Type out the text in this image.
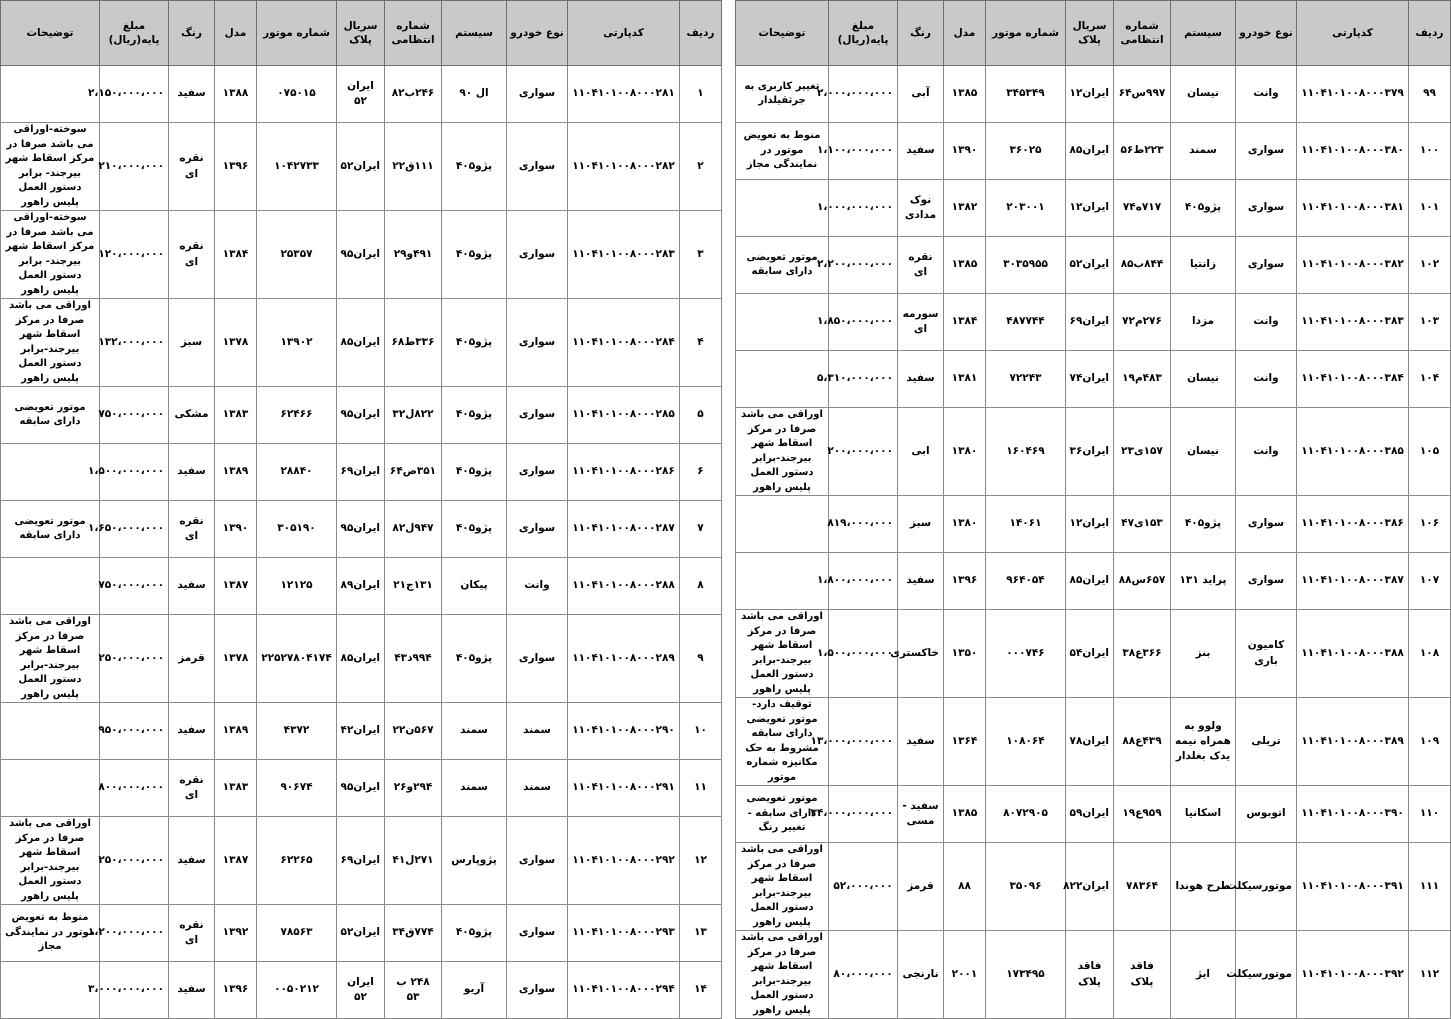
ردیف	کدپارتی	نوع خودرو	سیستم	شماره انتظامی	سریال پلاک	شماره موتور	مدل	رنگ	مبلغ پایه(ریال)	توضیحات
۱	۱۱۰۴۱۰۱۰۰۸۰۰۰۲۸۱	سواری	ال ۹۰	۲۴۶ب۸۲	ایران ۵۲	۰۷۵۰۱۵	۱۳۸۸	سفید	۲،۱۵۰،۰۰۰،۰۰۰	
۲	۱۱۰۴۱۰۱۰۰۸۰۰۰۲۸۲	سواری	پژو۴۰۵	۱۱۱ق۲۲	ایران۵۲	۱۰۴۲۷۳۳	۱۳۹۶	نقره ای	۲۱۰،۰۰۰،۰۰۰	سوخته-اوراقی می باشد صرفا در مرکز اسقاط شهر بیرجند- برابر دستور العمل پلیس راهور
۳	۱۱۰۴۱۰۱۰۰۸۰۰۰۲۸۳	سواری	پژو۴۰۵	۴۹۱و۲۹	ایران۹۵	۲۵۳۵۷	۱۳۸۴	نقره ای	۱۲۰،۰۰۰،۰۰۰	سوخته-اوراقی می باشد صرفا در مرکز اسقاط شهر بیرجند- برابر دستور العمل پلیس راهور
۴	۱۱۰۴۱۰۱۰۰۸۰۰۰۲۸۴	سواری	پژو۴۰۵	۳۳۶ط۶۸	ایران۸۵	۱۳۹۰۲	۱۳۷۸	سبز	۱۳۲،۰۰۰،۰۰۰	اوراقی می باشد صرفا در مرکز اسقاط شهر بیرجند-برابر دستور العمل پلیس راهور
۵	۱۱۰۴۱۰۱۰۰۸۰۰۰۲۸۵	سواری	پژو۴۰۵	۸۲۲ل۳۲	ایران۹۵	۶۲۴۶۶	۱۳۸۳	مشکی	۷۵۰،۰۰۰،۰۰۰	موتور تعویضی دارای سابقه
۶	۱۱۰۴۱۰۱۰۰۸۰۰۰۲۸۶	سواری	پژو۴۰۵	۳۵۱ص۶۴	ایران۶۹	۲۸۸۴۰	۱۳۸۹	سفید	۱،۵۰۰،۰۰۰،۰۰۰	
۷	۱۱۰۴۱۰۱۰۰۸۰۰۰۲۸۷	سواری	پژو۴۰۵	۹۴۷ل۸۲	ایران۹۵	۳۰۵۱۹۰	۱۳۹۰	نقره ای	۱،۶۵۰،۰۰۰،۰۰۰	موتور تعویضی دارای سابقه
۸	۱۱۰۴۱۰۱۰۰۸۰۰۰۲۸۸	وانت	پیکان	۱۳۱ج۲۱	ایران۸۹	۱۲۱۲۵	۱۳۸۷	سفید	۷۵۰،۰۰۰،۰۰۰	
۹	۱۱۰۴۱۰۱۰۰۸۰۰۰۲۸۹	سواری	پژو۴۰۵	۹۹۴د۴۳	ایران۸۵	۲۲۵۲۷۸۰۴۱۷۴	۱۳۷۸	قرمز	۲۵۰،۰۰۰،۰۰۰	اوراقی می باشد صرفا در مرکز اسقاط شهر بیرجند-برابر دستور العمل پلیس راهور
۱۰	۱۱۰۴۱۰۱۰۰۸۰۰۰۲۹۰	سمند	سمند	۵۶۷ن۲۲	ایران۴۲	۴۳۷۲	۱۳۸۹	سفید	۹۵۰،۰۰۰،۰۰۰	
۱۱	۱۱۰۴۱۰۱۰۰۸۰۰۰۲۹۱	سمند	سمند	۲۹۴و۲۶	ایران۹۵	۹۰۶۷۴	۱۳۸۳	نقره ای	۸۰۰،۰۰۰،۰۰۰	
۱۲	۱۱۰۴۱۰۱۰۰۸۰۰۰۲۹۲	سواری	پژوپارس	۲۷۱ل۴۱	ایران۶۹	۶۲۲۶۵	۱۳۸۷	سفید	۲۵۰،۰۰۰،۰۰۰	اوراقی می باشد صرفا در مرکز اسقاط شهر بیرجند-برابر دستور العمل پلیس راهور
۱۳	۱۱۰۴۱۰۱۰۰۸۰۰۰۲۹۳	سواری	پژو۴۰۵	۷۷۴ق۳۴	ایران۵۲	۷۸۵۶۳	۱۳۹۲	نقره ای	۱،۲۰۰،۰۰۰،۰۰۰	منوط به تعویض موتور در نمایندگی مجاز
۱۴	۱۱۰۴۱۰۱۰۰۸۰۰۰۲۹۴	سواری	آریو	۲۴۸ ب ۵۳	ایران ۵۲	۰۰۵۰۲۱۲	۱۳۹۶	سفید	۳،۰۰۰،۰۰۰،۰۰۰	
ردیف	کدپارتی	نوع خودرو	سیستم	شماره انتظامی	سریال پلاک	شماره موتور	مدل	رنگ	مبلغ پایه(ریال)	توضیحات
۹۹	۱۱۰۴۱۰۱۰۰۸۰۰۰۳۷۹	وانت	نیسان	۹۹۷س۶۴	ایران۱۲	۳۴۵۳۴۹	۱۳۸۵	آبی	۲،۰۰۰،۰۰۰،۰۰۰	تغییر کاربری به جرثقیلدار
۱۰۰	۱۱۰۴۱۰۱۰۰۸۰۰۰۳۸۰	سواری	سمند	۲۲۳ط۵۶	ایران۸۵	۳۶۰۲۵	۱۳۹۰	سفید	۱،۱۰۰،۰۰۰،۰۰۰	منوط به تعویض موتور در نمایندگی مجاز
۱۰۱	۱۱۰۴۱۰۱۰۰۸۰۰۰۳۸۱	سواری	پژو۴۰۵	۷۱۷ه۷۴	ایران۱۲	۲۰۳۰۰۱	۱۳۸۲	نوک مدادی	۱،۰۰۰،۰۰۰،۰۰۰	
۱۰۲	۱۱۰۴۱۰۱۰۰۸۰۰۰۳۸۲	سواری	زانتیا	۸۴۴ب۸۵	ایران۵۲	۳۰۳۵۹۵۵	۱۳۸۵	نقره ای	۲،۲۰۰،۰۰۰،۰۰۰	موتور تعویضی دارای سابقه
۱۰۳	۱۱۰۴۱۰۱۰۰۸۰۰۰۳۸۳	وانت	مزدا	۲۷۶م۷۲	ایران۶۹	۴۸۷۷۴۴	۱۳۸۴	سورمه ای	۱،۸۵۰،۰۰۰،۰۰۰	
۱۰۴	۱۱۰۴۱۰۱۰۰۸۰۰۰۳۸۴	وانت	نیسان	۴۸۳م۱۹	ایران۷۴	۷۲۲۴۳	۱۳۸۱	سفید	۵،۳۱۰،۰۰۰،۰۰۰	
۱۰۵	۱۱۰۴۱۰۱۰۰۸۰۰۰۳۸۵	وانت	نیسان	۱۵۷ی۲۳	ایران۳۶	۱۶۰۴۶۹	۱۳۸۰	ابی	۲۰۰،۰۰۰،۰۰۰	اوراقی می باشد صرفا در مرکز اسقاط شهر بیرجند-برابر دستور العمل پلیس راهور
۱۰۶	۱۱۰۴۱۰۱۰۰۸۰۰۰۳۸۶	سواری	پژو۴۰۵	۱۵۳ی۴۷	ایران۱۲	۱۴۰۶۱	۱۳۸۰	سبز	۸۱۹،۰۰۰،۰۰۰	
۱۰۷	۱۱۰۴۱۰۱۰۰۸۰۰۰۳۸۷	سواری	پراید ۱۳۱	۶۵۷س۸۸	ایران۸۵	۹۶۴۰۵۴	۱۳۹۶	سفید	۱،۸۰۰،۰۰۰،۰۰۰	
۱۰۸	۱۱۰۴۱۰۱۰۰۸۰۰۰۳۸۸	کامیون باری	بنز	۳۶۶ع۳۸	ایران۵۴	۰۰۰۷۴۶	۱۳۵۰	خاکستری	۱،۵۰۰،۰۰۰،۰۰۰	اوراقی می باشد صرفا در مرکز اسقاط شهر بیرجند-برابر دستور العمل پلیس راهور
۱۰۹	۱۱۰۴۱۰۱۰۰۸۰۰۰۳۸۹	تریلی	ولوو به همراه نیمه یدک بغلدار	۴۳۹ع۸۸	ایران۷۸	۱۰۸۰۶۴	۱۳۶۴	سفید	۱۳،۰۰۰،۰۰۰،۰۰۰	توقیف دارد-موتور تعویضی دارای سابقه مشروط به حک مکانیزه شماره موتور
۱۱۰	۱۱۰۴۱۰۱۰۰۸۰۰۰۳۹۰	اتوبوس	اسکانیا	۹۵۹ع۱۹	ایران۵۹	۸۰۷۲۹۰۵	۱۳۸۵	سفید - مسی	۳۴،۰۰۰،۰۰۰،۰۰۰	موتور تعویضی دارای سابقه - تغییر رنگ
۱۱۱	۱۱۰۴۱۰۱۰۰۸۰۰۰۳۹۱	موتورسیکلت	طرح هوندا	۷۸۳۶۴	ایران۸۲۲	۳۵۰۹۶	۸۸	قرمز	۵۲،۰۰۰،۰۰۰	اوراقی می باشد صرفا در مرکز اسقاط شهر بیرجند-برابر دستور العمل پلیس راهور
۱۱۲	۱۱۰۴۱۰۱۰۰۸۰۰۰۳۹۲	موتورسیکلت	ایژ	فاقد پلاک	فاقد پلاک	۱۷۳۴۹۵	۲۰۰۱	نارنجی	۸۰،۰۰۰،۰۰۰	اوراقی می باشد صرفا در مرکز اسقاط شهر بیرجند-برابر دستور العمل پلیس راهور
